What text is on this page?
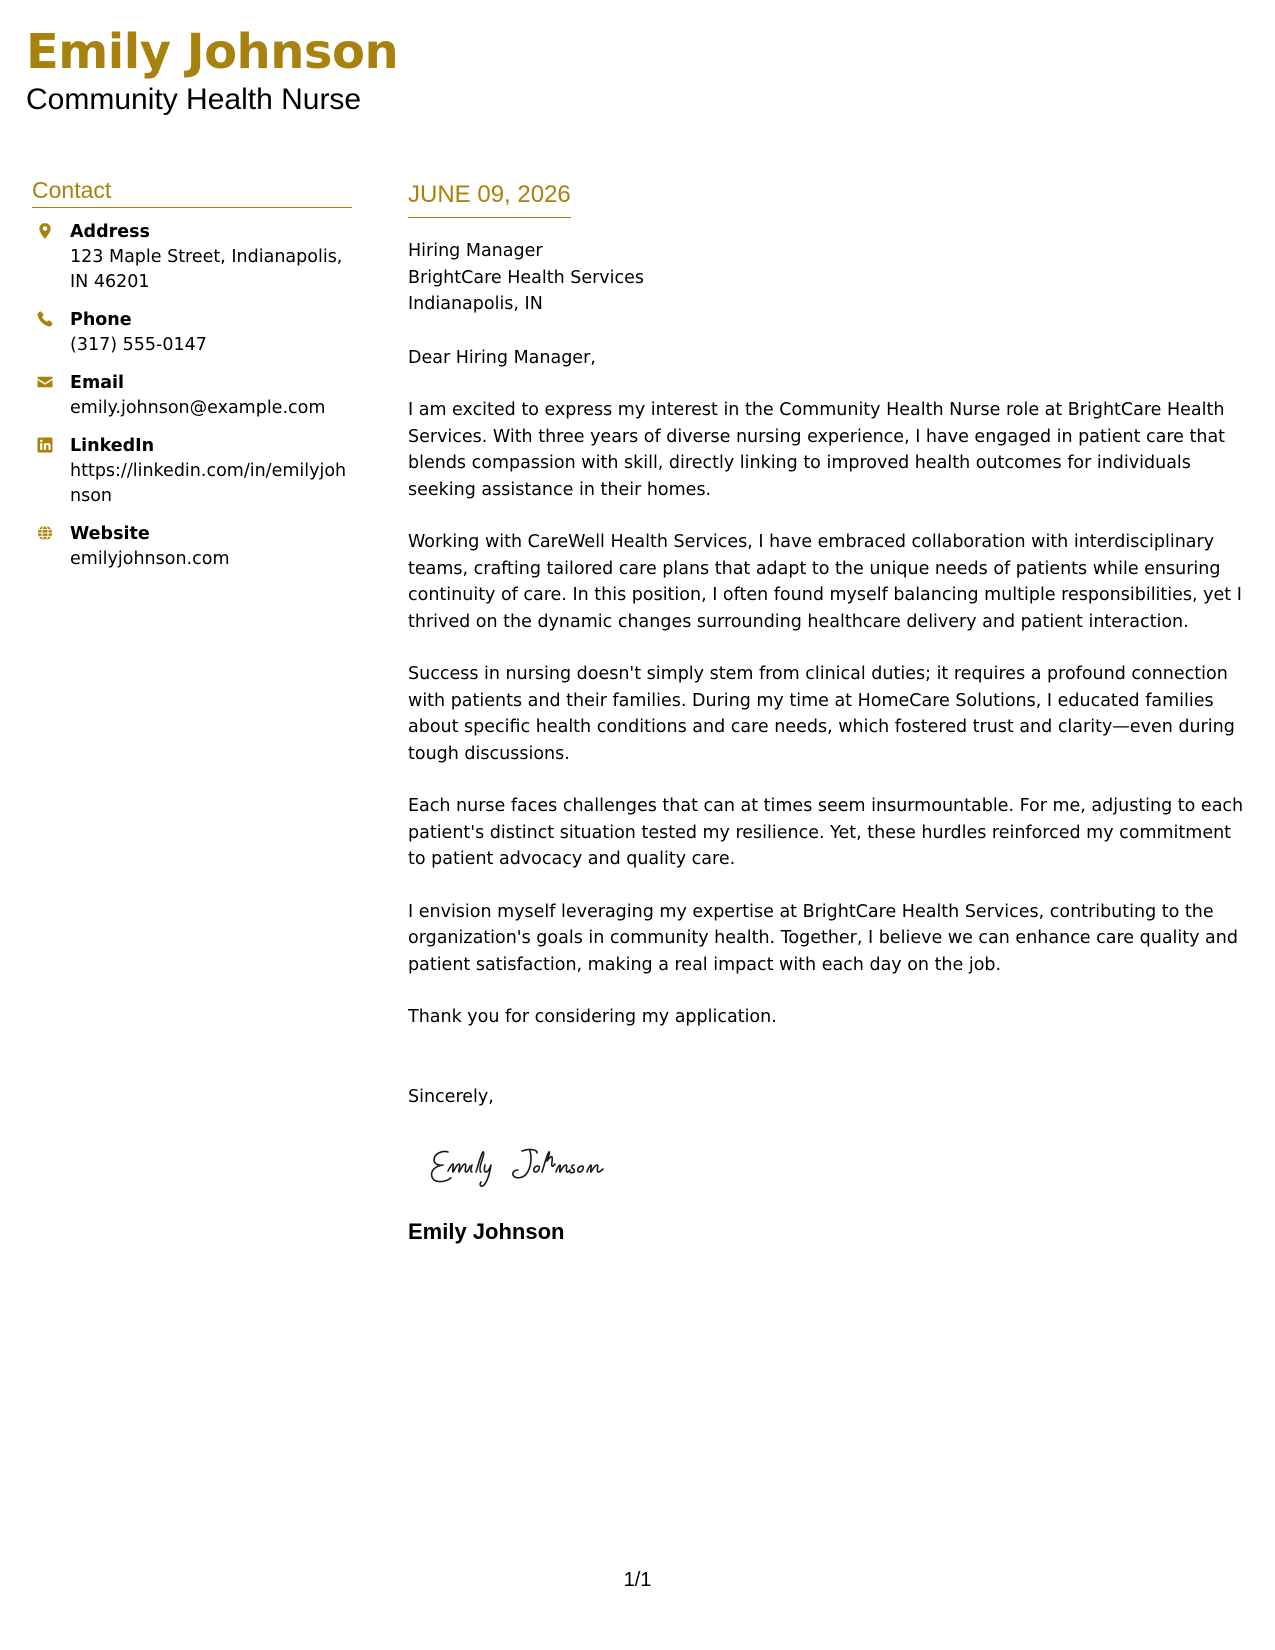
Emily Johnson
Community Health Nurse
Contact
Address
123 Maple Street, Indianapolis, IN 46201
Phone
(317) 555-0147
Email
emily.johnson@example.com
LinkedIn
https://linkedin.com/in/emilyjohnson
Website
emilyjohnson.com
JUNE 09, 2026
Hiring Manager
BrightCare Health Services
Indianapolis, IN

Dear Hiring Manager,

I am excited to express my interest in the Community Health Nurse role at BrightCare Health Services. With three years of diverse nursing experience, I have engaged in patient care that blends compassion with skill, directly linking to improved health outcomes for individuals seeking assistance in their homes.

Working with CareWell Health Services, I have embraced collaboration with interdisciplinary teams, crafting tailored care plans that adapt to the unique needs of patients while ensuring continuity of care. In this position, I often found myself balancing multiple responsibilities, yet I thrived on the dynamic changes surrounding healthcare delivery and patient interaction.

Success in nursing doesn't simply stem from clinical duties; it requires a profound connection with patients and their families. During my time at HomeCare Solutions, I educated families about specific health conditions and care needs, which fostered trust and clarity—even during tough discussions.

Each nurse faces challenges that can at times seem insurmountable. For me, adjusting to each patient's distinct situation tested my resilience. Yet, these hurdles reinforced my commitment to patient advocacy and quality care.

I envision myself leveraging my expertise at BrightCare Health Services, contributing to the organization's goals in community health. Together, I believe we can enhance care quality and patient satisfaction, making a real impact with each day on the job.

Thank you for considering my application.

Sincerely,

Emily Johnson
1/1
